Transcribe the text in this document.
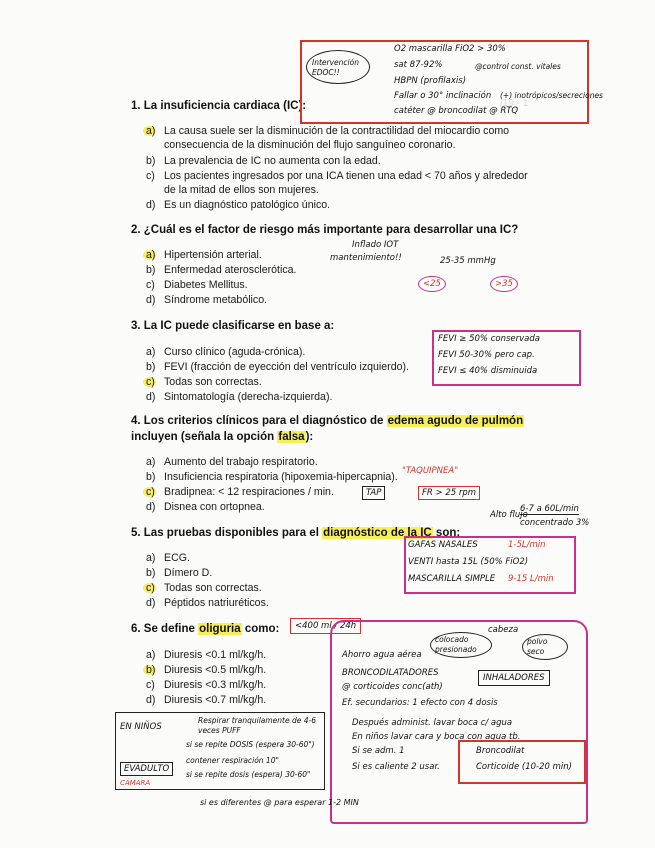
/19 - 1
1. La insuficiencia cardiaca (IC):
a) La causa suele ser la disminución de la contractilidad del miocardio como
consecuencia de la disminución del flujo sanguíneo coronario.
b) La prevalencia de IC no aumenta con la edad.
c) Los pacientes ingresados por una ICA tienen una edad < 70 años y alrededor
de la mitad de ellos son mujeres.
d) Es un diagnóstico patológico único.
Intervención EDOC!!
O2 mascarilla FiO2 > 30%
sat 87-92%	@control const. vitales
HBPN (profilaxis)
Fallar o 30° inclinación (+) inotrópicos/secreciones
catéter @ broncodilat @ RTQ
2. ¿Cuál es el factor de riesgo más importante para desarrollar una IC?
a) Hipertensión arterial.
b) Enfermedad aterosclerótica.
c) Diabetes Mellitus.
d) Síndrome metabólico.
Inflado IOT
mantenimiento!!	25-35 mmHg
<25	>35
3. La IC puede clasificarse en base a:
a) Curso clínico (aguda-crónica).
b) FEVI (fracción de eyección del ventrículo izquierdo).
c) Todas son correctas.
d) Sintomatología (derecha-izquierda).
FEVI ≥ 50% conservada
FEVI 50-30% pero cap.
FEVI ≤ 40% disminuida
4. Los criterios clínicos para el diagnóstico de edema agudo de pulmón
incluyen (señala la opción falsa):
a) Aumento del trabajo respiratorio.
b) Insuficiencia respiratoria (hipoxemia-hipercapnia).
c) Bradipnea: < 12 respiraciones / min.
d) Disnea con ortopnea.
"TAQUIPNEA"
TAP	FR > 25 rpm
5. Las pruebas disponibles para el diagnóstico de la IC son:
a) ECG.
b) Dímero D.
c) Todas son correctas.
d) Péptidos natriuréticos.
Alto flujo
6-7 a 60L/min
concentrado 3%
GAFAS NASALES	1-5L/min
VENTI hasta 15L (50% FiO2)
MASCARILLA SIMPLE 9-15 L/min
6. Se define oliguria como:	<400 ml / 24h
a) Diuresis <0.1 ml/kg/h.
b) Diuresis <0.5 ml/kg/h.
c) Diuresis <0.3 ml/kg/h.
d) Diuresis <0.7 ml/kg/h.
cabeza
colocado presionado
polvo seco
Ahorro agua aérea
BRONCODILATADORES
@ corticoides conc(ath)
INHALADORES
Ef. secundarios: 1 efecto con 4 dosis
Después administ. lavar boca c/ agua
En niños lavar cara y boca con agua tb.
Si se adm. 1
Si es caliente 2 usar.
Broncodilat
Corticoide (10-20 min)
EN NIÑOS
Respirar tranquilamente de 4-6 veces PUFF
si se repite DOSIS (espera 30-60")
EVADULTO
contener respiración 10"
si se repite dosis (espera) 30-60"
CÁMARA
si es diferentes @ para esperar 1-2 MIN
